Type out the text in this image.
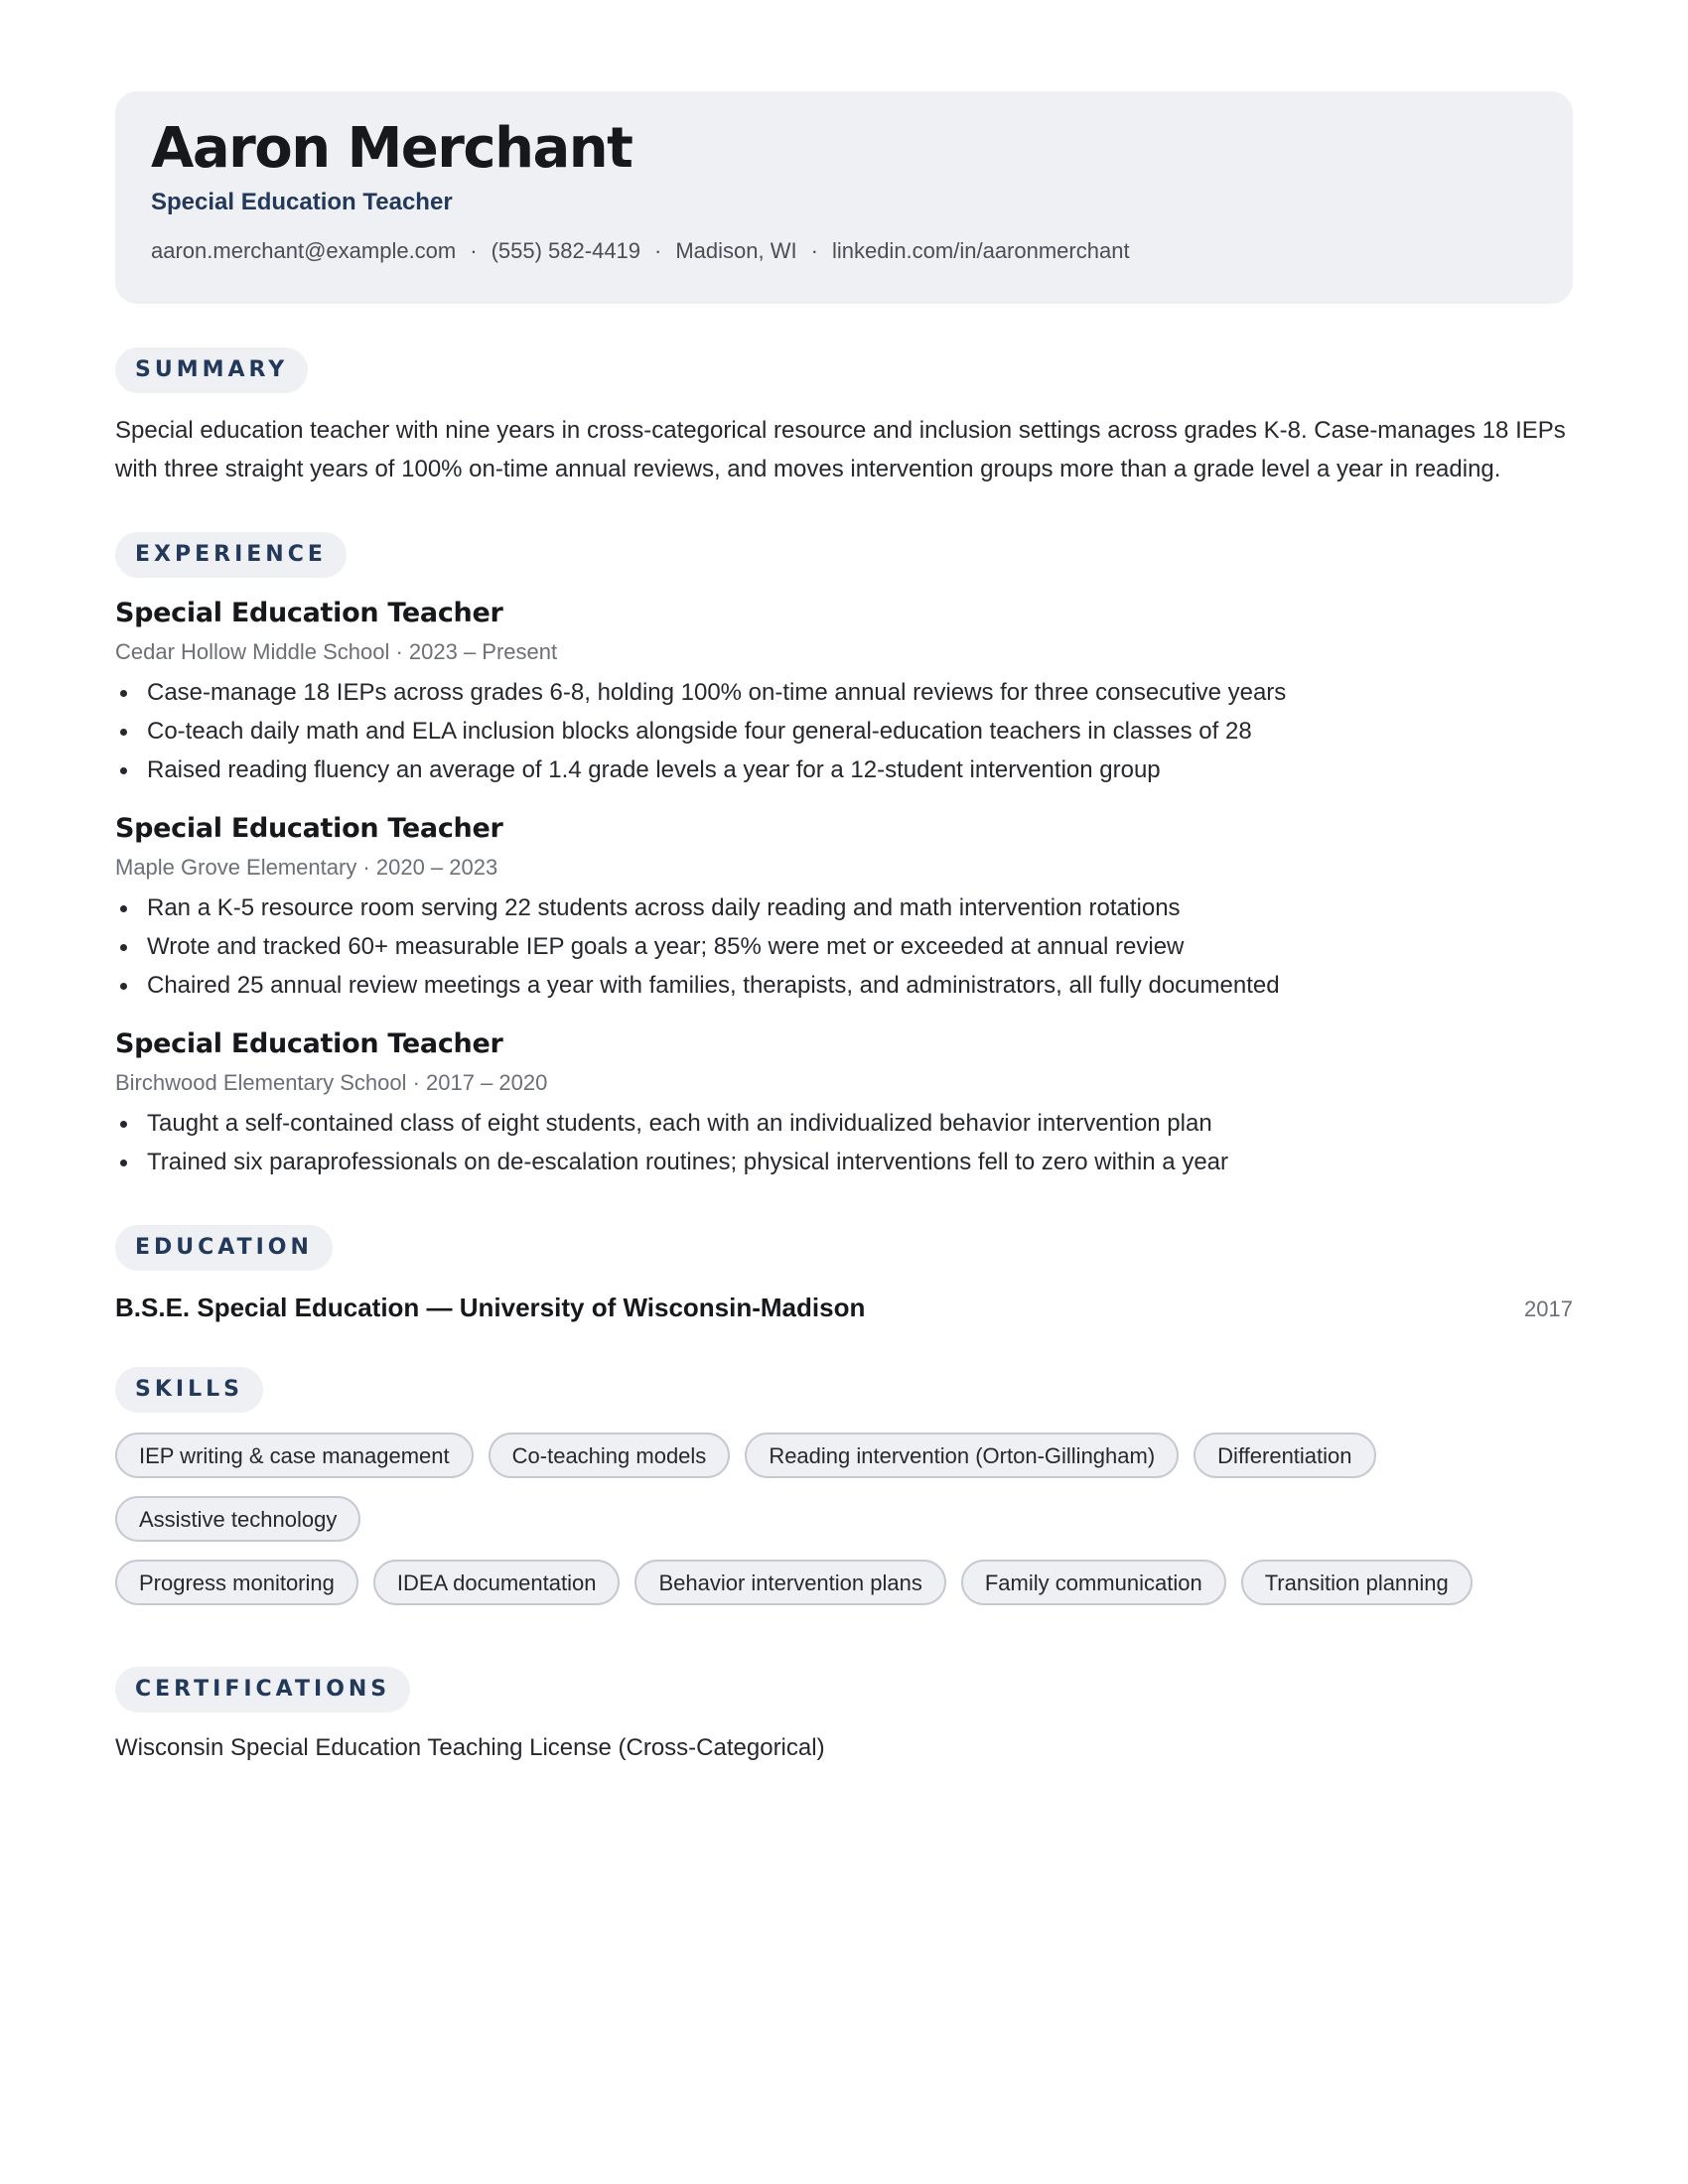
Aaron Merchant
Special Education Teacher
aaron.merchant@example.com · (555) 582-4419 · Madison, WI · linkedin.com/in/aaronmerchant
SUMMARY
Special education teacher with nine years in cross-categorical resource and inclusion settings across grades K-8. Case-manages 18 IEPs with three straight years of 100% on-time annual reviews, and moves intervention groups more than a grade level a year in reading.
EXPERIENCE
Special Education Teacher
Cedar Hollow Middle School · 2023 – Present
Case-manage 18 IEPs across grades 6-8, holding 100% on-time annual reviews for three consecutive years
Co-teach daily math and ELA inclusion blocks alongside four general-education teachers in classes of 28
Raised reading fluency an average of 1.4 grade levels a year for a 12-student intervention group
Special Education Teacher
Maple Grove Elementary · 2020 – 2023
Ran a K-5 resource room serving 22 students across daily reading and math intervention rotations
Wrote and tracked 60+ measurable IEP goals a year; 85% were met or exceeded at annual review
Chaired 25 annual review meetings a year with families, therapists, and administrators, all fully documented
Special Education Teacher
Birchwood Elementary School · 2017 – 2020
Taught a self-contained class of eight students, each with an individualized behavior intervention plan
Trained six paraprofessionals on de-escalation routines; physical interventions fell to zero within a year
EDUCATION
B.S.E. Special Education — University of Wisconsin-Madison	2017
SKILLS
IEP writing & case management	Co-teaching models	Reading intervention (Orton-Gillingham)	Differentiation
Assistive technology
Progress monitoring	IDEA documentation	Behavior intervention plans	Family communication	Transition planning
CERTIFICATIONS
Wisconsin Special Education Teaching License (Cross-Categorical)
